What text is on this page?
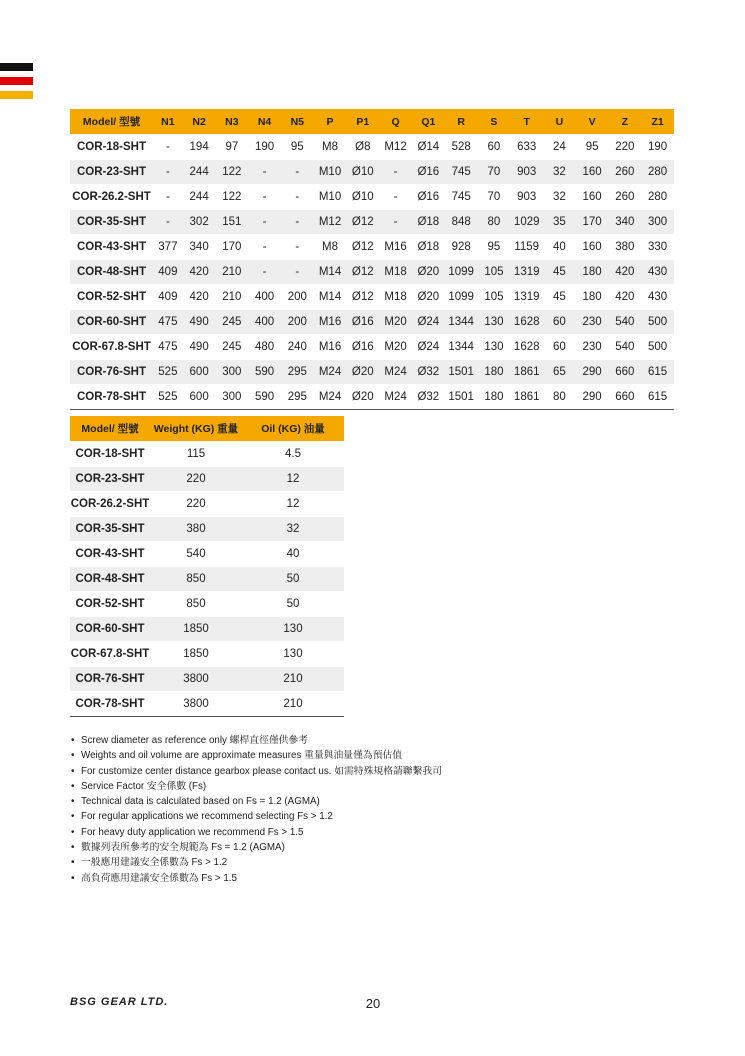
Model/ 型號	N1	N2	N3	N4	N5	P	P1	Q	Q1	R	S	T	U	V	Z	Z1
COR-18-SHT	-	194	97	190	95	M8	Ø8	M12	Ø14	528	60	633	24	95	220	190
COR-23-SHT	-	244	122	-	-	M10	Ø10	-	Ø16	745	70	903	32	160	260	280
COR-26.2-SHT	-	244	122	-	-	M10	Ø10	-	Ø16	745	70	903	32	160	260	280
COR-35-SHT	-	302	151	-	-	M12	Ø12	-	Ø18	848	80	1029	35	170	340	300
COR-43-SHT	377	340	170	-	-	M8	Ø12	M16	Ø18	928	95	1159	40	160	380	330
COR-48-SHT	409	420	210	-	-	M14	Ø12	M18	Ø20	1099	105	1319	45	180	420	430
COR-52-SHT	409	420	210	400	200	M14	Ø12	M18	Ø20	1099	105	1319	45	180	420	430
COR-60-SHT	475	490	245	400	200	M16	Ø16	M20	Ø24	1344	130	1628	60	230	540	500
COR-67.8-SHT	475	490	245	480	240	M16	Ø16	M20	Ø24	1344	130	1628	60	230	540	500
COR-76-SHT	525	600	300	590	295	M24	Ø20	M24	Ø32	1501	180	1861	65	290	660	615
COR-78-SHT	525	600	300	590	295	M24	Ø20	M24	Ø32	1501	180	1861	80	290	660	615
Model/ 型號	Weight (KG) 重量	Oil (KG) 油量
COR-18-SHT	115	4.5
COR-23-SHT	220	12
COR-26.2-SHT	220	12
COR-35-SHT	380	32
COR-43-SHT	540	40
COR-48-SHT	850	50
COR-52-SHT	850	50
COR-60-SHT	1850	130
COR-67.8-SHT	1850	130
COR-76-SHT	3800	210
COR-78-SHT	3800	210
• Screw diameter as reference only 螺桿直徑僅供參考
• Weights and oil volume are approximate measures 重量與油量僅為預估值
• For customize center distance gearbox please contact us. 如需特殊規格請聯繫我司
• Service Factor 安全係數 (Fs)
• Technical data is calculated based on Fs = 1.2 (AGMA)
• For regular applications we recommend selecting Fs > 1.2
• For heavy duty application we recommend Fs > 1.5
• 數據列表所參考的安全規範為 Fs = 1.2 (AGMA)
• 一般應用建議安全係數為 Fs > 1.2
• 高負荷應用建議安全係數為 Fs > 1.5
BSG GEAR LTD.	20
